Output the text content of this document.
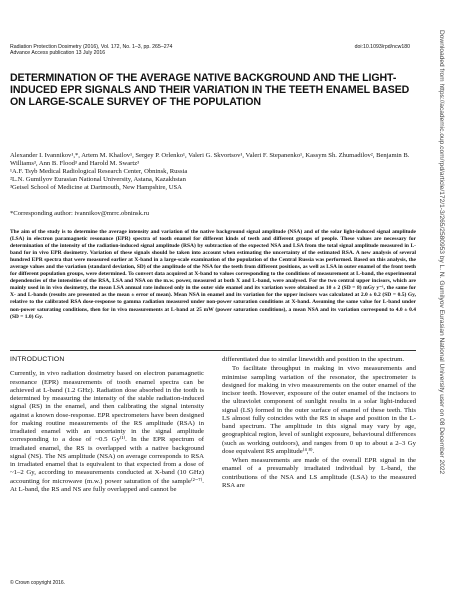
Radiation Protection Dosimetry (2016), Vol. 172, No. 1–3, pp. 265–274
Advance Access publication 13 July 2016
doi:10.1093/rpd/ncw180
DETERMINATION OF THE AVERAGE NATIVE BACKGROUND AND THE LIGHT-INDUCED EPR SIGNALS AND THEIR VARIATION IN THE TEETH ENAMEL BASED ON LARGE-SCALE SURVEY OF THE POPULATION
Alexander I. Ivannikov¹,*, Artem M. Khailov¹, Sergey P. Orlenko¹, Valeri G. Skvortsov¹, Valeri F. Stepanenko¹, Kassym Sh. Zhumadilov², Benjamin B. Williams³, Ann B. Flood³ and Harold M. Swartz³
¹A.F. Tsyb Medical Radiological Research Center, Obninsk, Russia
²L.N. Gumilyov Eurasian National University, Astana, Kazakhstan
³Geisel School of Medicine at Dartmouth, New Hampshire, USA
*Corresponding author: ivannikov@mrrc.obninsk.ru
The aim of the study is to determine the average intensity and variation of the native background signal amplitude (NSA) and of the solar light-induced signal amplitude (LSA) in electron paramagnetic resonance (EPR) spectra of tooth enamel for different kinds of teeth and different groups of people. These values are necessary for determination of the intensity of the radiation-induced signal amplitude (RSA) by subtraction of the expected NSA and LSA from the total signal amplitude measured in L-band for in vivo EPR dosimetry. Variation of these signals should be taken into account when estimating the uncertainty of the estimated RSA. A new analysis of several hundred EPR spectra that were measured earlier at X-band in a large-scale examination of the population of the Central Russia was performed. Based on this analysis, the average values and the variation (standard deviation, SD) of the amplitude of the NSA for the teeth from different positions, as well as LSA in outer enamel of the front teeth for different population groups, were determined. To convert data acquired at X-band to values corresponding to the conditions of measurement at L-band, the experimental dependencies of the intensities of the RSA, LSA and NSA on the m.w. power, measured at both X and L-band, were analysed. For the two central upper incisors, which are mainly used in in vivo dosimetry, the mean LSA annual rate induced only in the outer side enamel and its variation were obtained as 10 ± 2 (SD = 8) mGy y⁻¹, the same for X- and L-bands (results are presented as the mean ± error of mean). Mean NSA in enamel and its variation for the upper incisors was calculated at 2.0 ± 0.2 (SD = 0.5) Gy, relative to the calibrated RSA dose-response to gamma radiation measured under non-power saturation conditions at X-band. Assuming the same value for L-band under non-power saturating conditions, then for in vivo measurements at L-band at 25 mW (power saturation conditions), a mean NSA and its variation correspond to 4.0 ± 0.4 (SD = 1.0) Gy.
INTRODUCTION

Currently, in vivo radiation dosimetry based on electron paramagnetic resonance (EPR) measurements of tooth enamel spectra can be achieved at L-band (1.2 GHz). Radiation dose absorbed in the tooth is determined by measuring the intensity of the stable radiation-induced signal (RS) in the enamel, and then calibrating the signal intensity against a known dose-response. EPR spectrometers have been designed for making routine measurements of the RS amplitude (RSA) in irradiated enamel with an uncertainty in the signal amplitude corresponding to a dose of ~0.5 Gy⁽¹⁾. In the EPR spectrum of irradiated enamel, the RS is overlapped with a native background signal (NS). The NS amplitude (NSA) on average corresponds to RSA in irradiated enamel that is equivalent to that expected from a dose of ~1–2 Gy, according to measurements conducted at X-band (10 GHz) accounting for microwave (m.w.) power saturation of the sample⁽²⁻⁷⁾. At L-band, the RS and NS are fully overlapped and cannot be

differentiated due to similar linewidth and position in the spectrum.

To facilitate throughput in making in vivo measurements and minimise sampling variation of the resonator, the spectrometer is designed for making in vivo measurements on the outer enamel of the incisor teeth. However, exposure of the outer enamel of the incisors to the ultraviolet component of sunlight results in a solar light-induced signal (LS) formed in the outer surface of enamel of these teeth. This LS almost fully coincides with the RS in shape and position in the L-band spectrum. The amplitude in this signal may vary by age, geographical region, level of sunlight exposure, behavioural differences (such as working outdoors), and ranges from 0 up to about a 2–3 Gy dose equivalent RS amplitude⁽⁴,⁸⁾.

When measurements are made of the overall EPR signal in the enamel of a presumably irradiated individual by L-band, the contributions of the NSA and LS amplitude (LSA) to the measured RSA are

© Crown copyright 2016.
Downloaded from https://academic.oup.com/rpd/article/172/1-3/265/2580953 by L. N. Gumilyov Eurasian National University user on 08 December 2022
